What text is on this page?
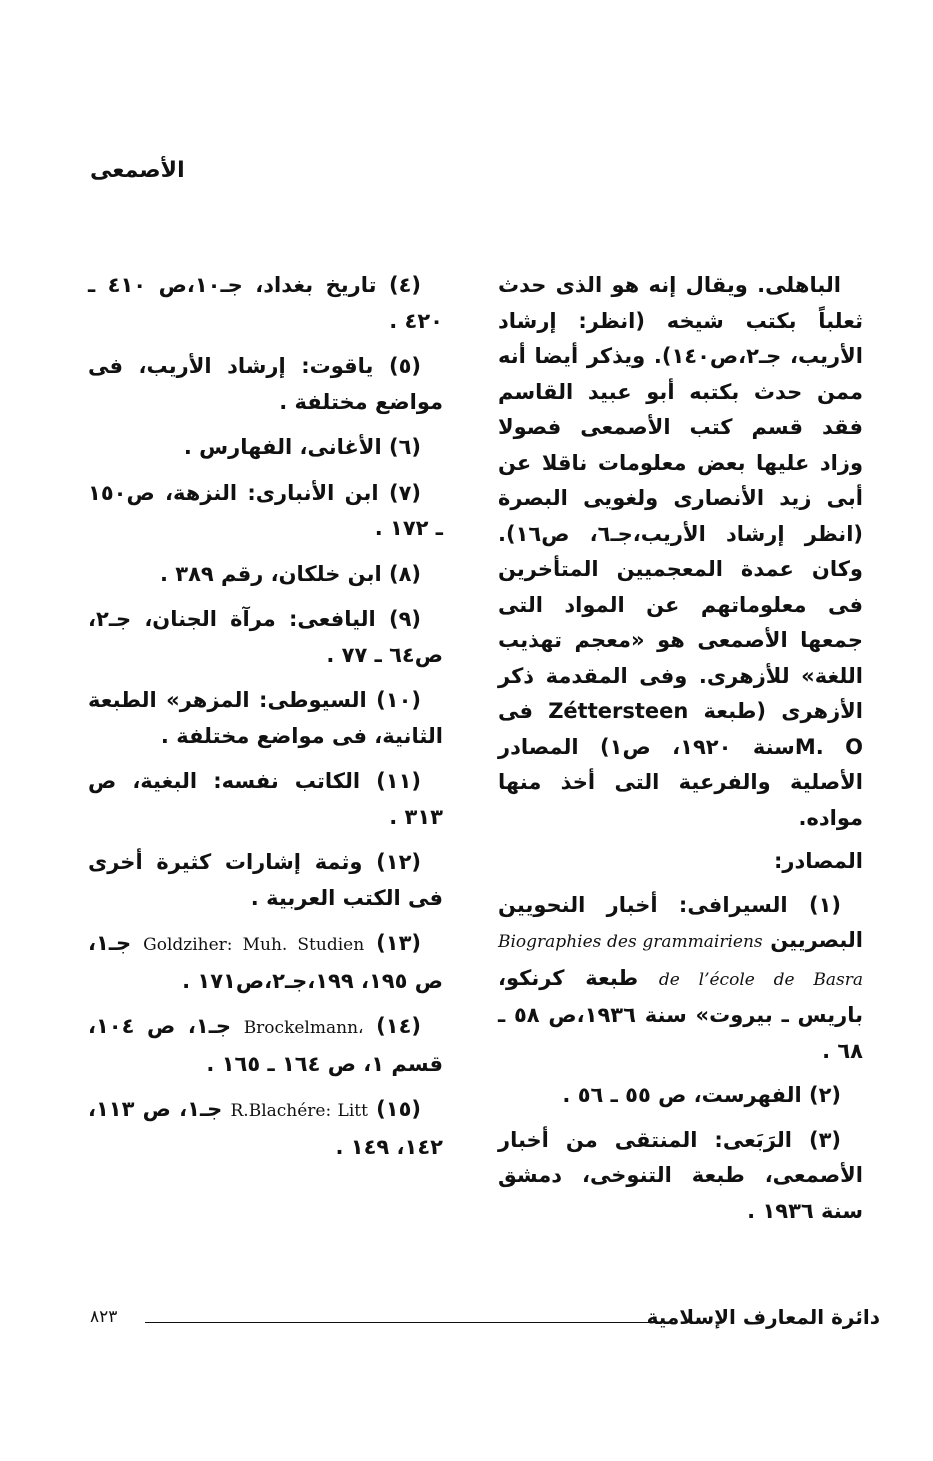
الأصمعى

الباهلى. ويقال إنه هو الذى حدث ثعلباً بكتب شيخه (انظر: إرشاد الأريب، جـ٢،ص١٤٠). ويذكر أيضا أنه ممن حدث بكتبه أبو عبيد القاسم فقد قسم كتب الأصمعى فصولا وزاد عليها بعض معلومات ناقلا عن أبى زيد الأنصارى ولغويى البصرة (انظر إرشاد الأريب،جـ٦، ص١٦). وكان عمدة المعجميين المتأخرين فى معلوماتهم عن المواد التى جمعها الأصمعى هو «معجم تهذيب اللغة» للأزهرى. وفى المقدمة ذكر الأزهرى (طبعة Zéttersteen فى M. Oسنة ١٩٢٠، ص١) المصادر الأصلية والفرعية التى أخذ منها مواده.

المصادر:

(١) السيرافى: أخبار النحويين البصريين Biographies des grammairiens de l’école de Basra طبعة كرنكو، باريس ـ بيروت» سنة ١٩٣٦،ص ٥٨ ـ ٦٨ .

(٢) الفهرست، ص ٥٥ ـ ٥٦ .

(٣) الرَبَعى: المنتقى من أخبار الأصمعى، طبعة التنوخى، دمشق سنة ١٩٣٦ .

(٤) تاريخ بغداد، جـ١٠،ص ٤١٠ ـ ٤٢٠ .

(٥) ياقوت: إرشاد الأريب، فى مواضع مختلفة .

(٦) الأغانى، الفهارس .

(٧) ابن الأنبارى: النزهة، ص١٥٠ ـ ١٧٢ .

(٨) ابن خلكان، رقم ٣٨٩ .

(٩) اليافعى: مرآة الجنان، جـ٢، ص٦٤ ـ ٧٧ .

(١٠) السيوطى: المزهر» الطبعة الثانية، فى مواضع مختلفة .

(١١) الكاتب نفسه: البغية، ص ٣١٣ .

(١٢) وثمة إشارات كثيرة أخرى فى الكتب العربية .

(١٣) Goldziher: Muh. Studien جـ١، ص ١٩٥، ١٩٩،جـ٢،ص١٧١ .

(١٤) Brockelmann، جـ١، ص ١٠٤، قسم ١، ص ١٦٤ ـ ١٦٥ .

(١٥) R.Blachére: Litt جـ١، ص ١١٣، ١٤٢، ١٤٩ .

٨٢٣	دائرة المعارف الإسلامية
